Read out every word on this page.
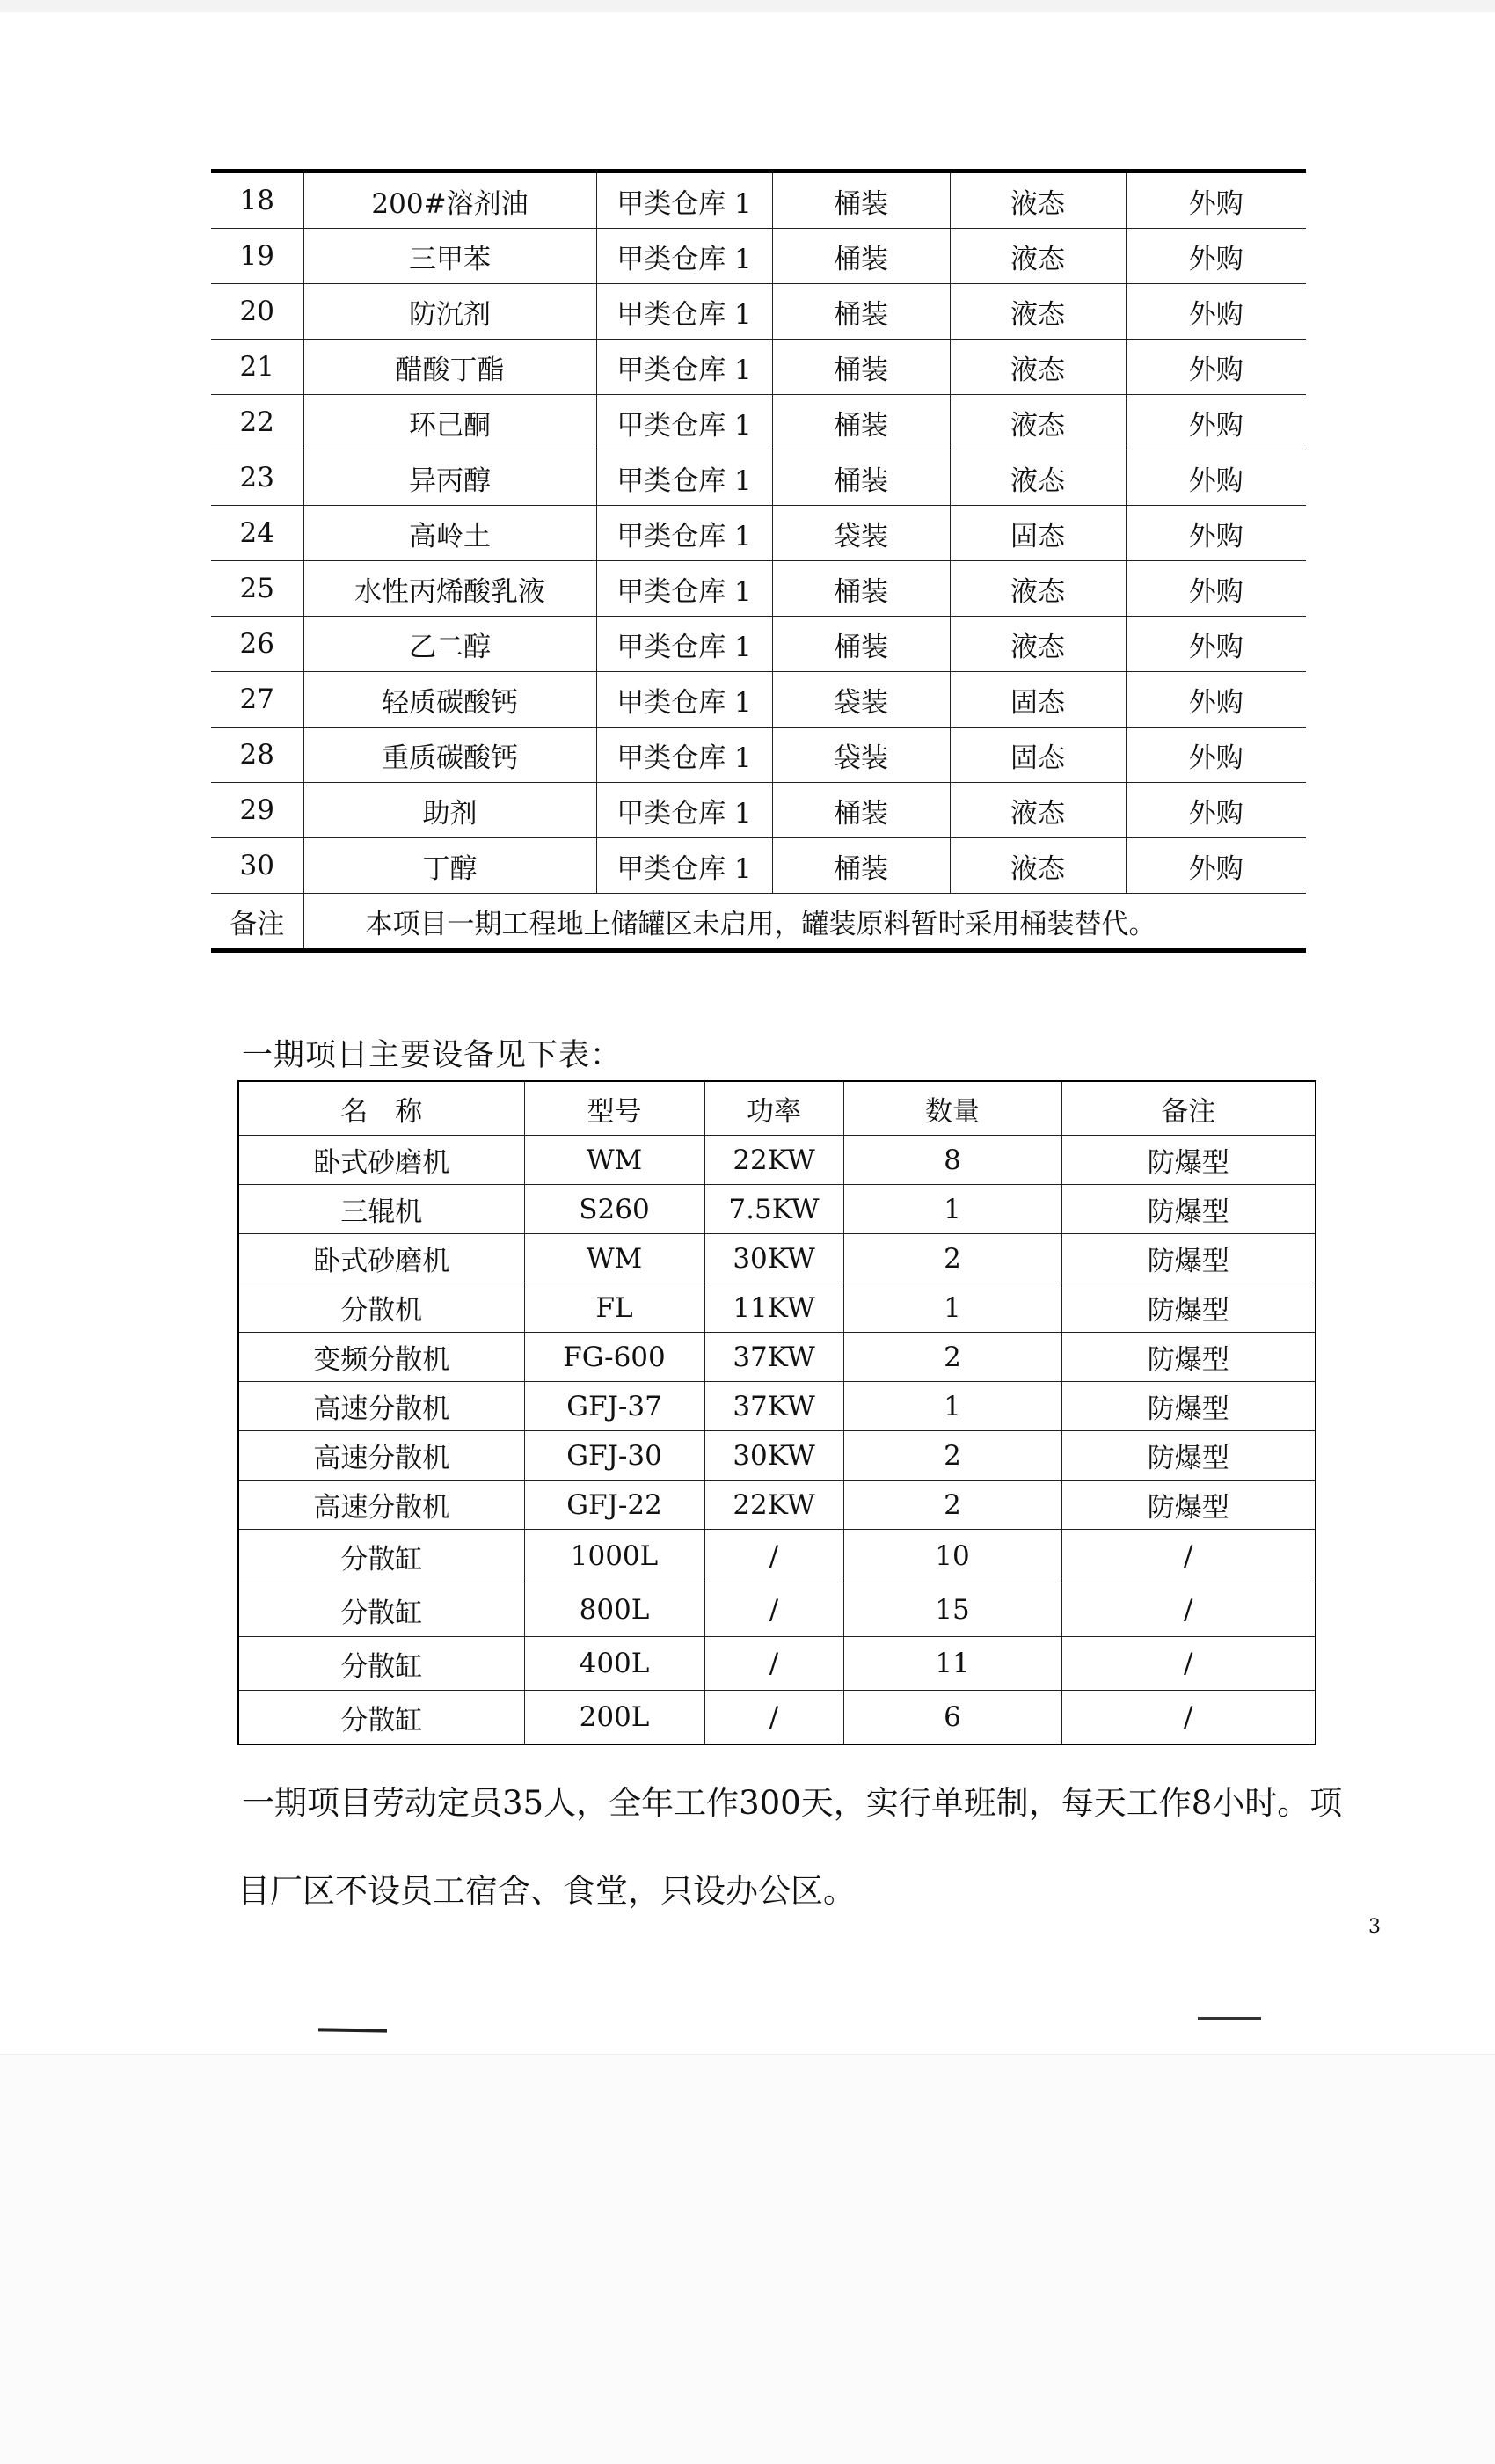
18	200#溶剂油	甲类仓库 1	桶装	液态	外购
19	三甲苯	甲类仓库 1	桶装	液态	外购
20	防沉剂	甲类仓库 1	桶装	液态	外购
21	醋酸丁酯	甲类仓库 1	桶装	液态	外购
22	环己酮	甲类仓库 1	桶装	液态	外购
23	异丙醇	甲类仓库 1	桶装	液态	外购
24	高岭土	甲类仓库 1	袋装	固态	外购
25	水性丙烯酸乳液	甲类仓库 1	桶装	液态	外购
26	乙二醇	甲类仓库 1	桶装	液态	外购
27	轻质碳酸钙	甲类仓库 1	袋装	固态	外购
28	重质碳酸钙	甲类仓库 1	袋装	固态	外购
29	助剂	甲类仓库 1	桶装	液态	外购
30	丁醇	甲类仓库 1	桶装	液态	外购
备注	本项目一期工程地上储罐区未启用，罐装原料暂时采用桶装替代。				
一期项目主要设备见下表：
名　称	型号	功率	数量	备注
卧式砂磨机	WM	22KW	8	防爆型
三辊机	S260	7.5KW	1	防爆型
卧式砂磨机	WM	30KW	2	防爆型
分散机	FL	11KW	1	防爆型
变频分散机	FG-600	37KW	2	防爆型
高速分散机	GFJ-37	37KW	1	防爆型
高速分散机	GFJ-30	30KW	2	防爆型
高速分散机	GFJ-22	22KW	2	防爆型
分散缸	1000L	/	10	/
分散缸	800L	/	15	/
分散缸	400L	/	11	/
分散缸	200L	/	6	/

一期项目劳动定员35人，全年工作300天，实行单班制，每天工作8小时。项

目厂区不设员工宿舍、食堂，只设办公区。

3
